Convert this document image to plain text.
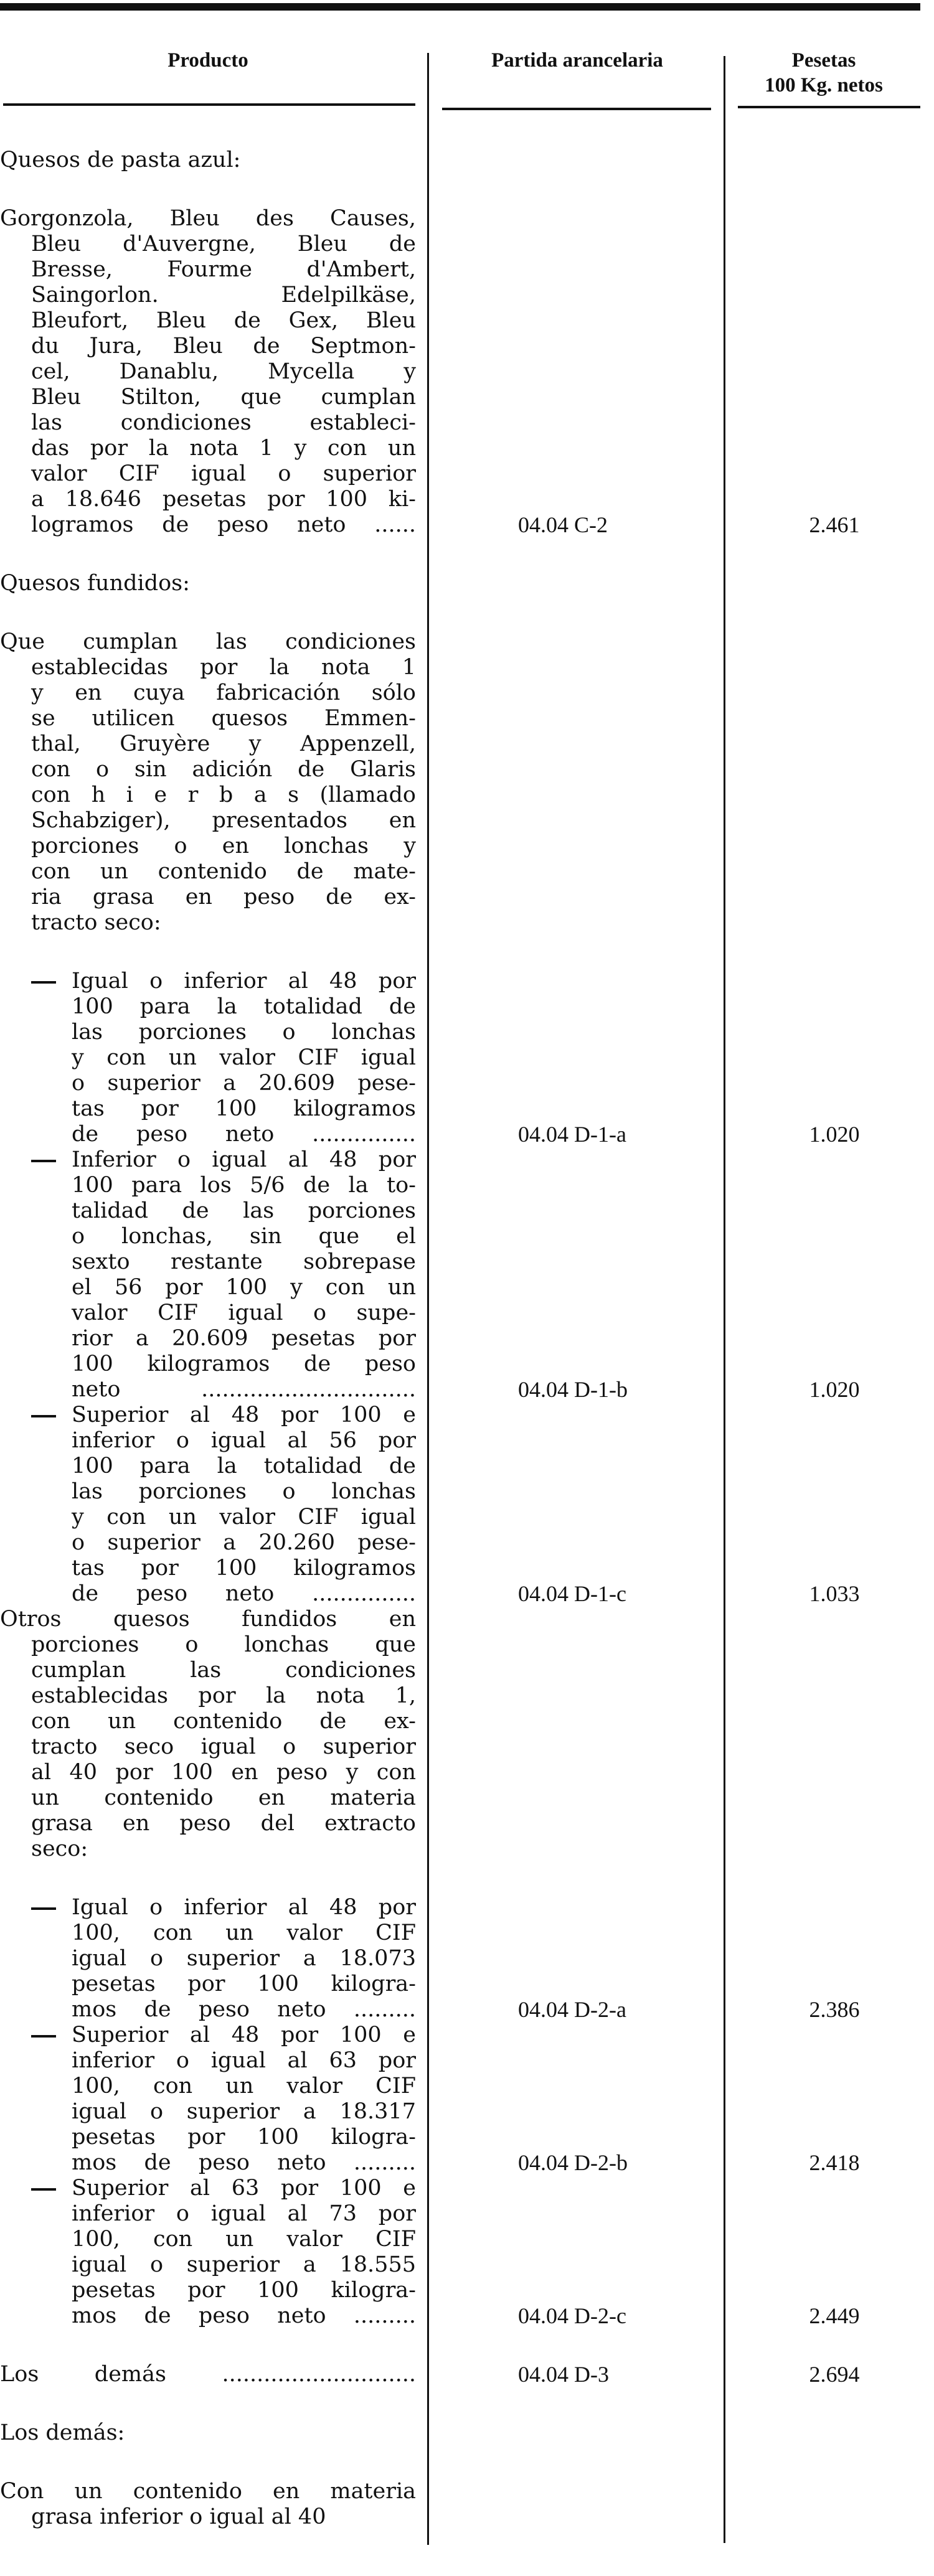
Producto	Partida arancelaria	Pesetas
100 Kg. netos
Quesos de pasta azul:
Gorgonzola, Bleu des Causes,
Bleu d'Auvergne, Bleu de
Bresse, Fourme d'Ambert,
Saingorlon. Edelpilkäse,
Bleufort, Bleu de Gex, Bleu
du Jura, Bleu de Septmon-
cel, Danablu, Mycella y
Bleu Stilton, que cumplan
las condiciones estableci-
das por la nota 1 y con un
valor CIF igual o superior
a 18.646 pesetas por 100 ki-
logramos de peso neto ......	04.04 C-2	2.461
Quesos fundidos:
Que cumplan las condiciones
establecidas por la nota 1
y en cuya fabricación sólo
se utilicen quesos Emmen-
thal, Gruyère y Appenzell,
con o sin adición de Glaris
con h i e r b a s (llamado
Schabziger), presentados en
porciones o en lonchas y
con un contenido de mate-
ria grasa en peso de ex-
tracto seco:
Igual o inferior al 48 por
100 para la totalidad de
las porciones o lonchas
y con un valor CIF igual
o superior a 20.609 pese-
tas por 100 kilogramos
de peso neto ...............	04.04 D-1-a	1.020
Inferior o igual al 48 por
100 para los 5/6 de la to-
talidad de las porciones
o lonchas, sin que el
sexto restante sobrepase
el 56 por 100 y con un
valor CIF igual o supe-
rior a 20.609 pesetas por
100 kilogramos de peso
neto ...............................	04.04 D-1-b	1.020
Superior al 48 por 100 e
inferior o igual al 56 por
100 para la totalidad de
las porciones o lonchas
y con un valor CIF igual
o superior a 20.260 pese-
tas por 100 kilogramos
de peso neto ...............	04.04 D-1-c	1.033
Otros quesos fundidos en
porciones o lonchas que
cumplan las condiciones
establecidas por la nota 1,
con un contenido de ex-
tracto seco igual o superior
al 40 por 100 en peso y con
un contenido en materia
grasa en peso del extracto
seco:
Igual o inferior al 48 por
100, con un valor CIF
igual o superior a 18.073
pesetas por 100 kilogra-
mos de peso neto .........	04.04 D-2-a	2.386
Superior al 48 por 100 e
inferior o igual al 63 por
100, con un valor CIF
igual o superior a 18.317
pesetas por 100 kilogra-
mos de peso neto .........	04.04 D-2-b	2.418
Superior al 63 por 100 e
inferior o igual al 73 por
100, con un valor CIF
igual o superior a 18.555
pesetas por 100 kilogra-
mos de peso neto .........	04.04 D-2-c	2.449
Los demás ............................	04.04 D-3	2.694
Los demás:
Con un contenido en materia
grasa inferior o igual al 40
